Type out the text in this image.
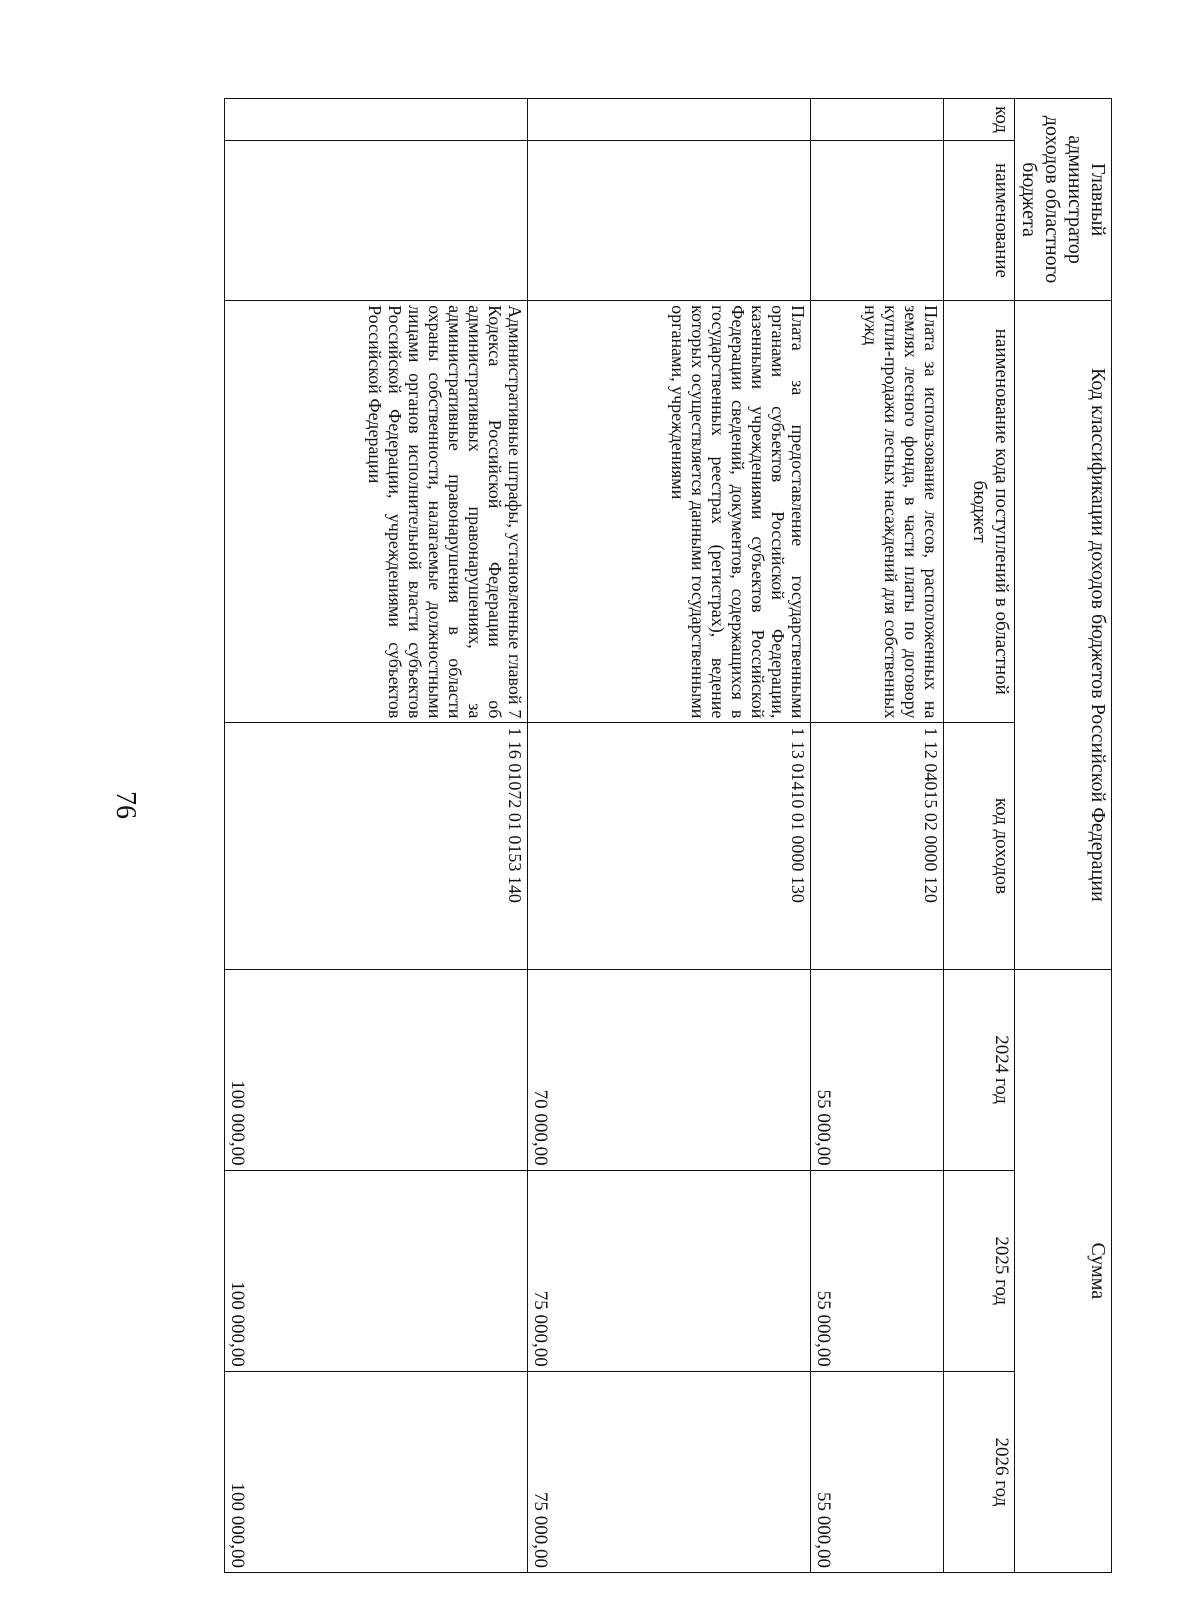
76
Главный администратор доходов областного бюджета		Код классификации доходов бюджетов Российской Федерации		Сумма		
код	наименование	наименование кода поступлений в областной бюджет	код доходов	2024 год	2025 год	2026 год
		Плата за использование лесов, расположенных на землях лесного фонда, в части платы по договору купли-продажи лесных насаждений для собственных нужд	1 12 04015 02 0000 120	55 000,00	55 000,00	55 000,00
		Плата за предоставление государственными органами субъектов Российской Федерации, казенными учреждениями субъектов Российской Федерации сведений, документов, содержащихся в государственных реестрах (регистрах), ведение которых осуществляется данными государственными органами, учреждениями	1 13 01410 01 0000 130	70 000,00	75 000,00	75 000,00
		Административные штрафы, установленные главой 7 Кодекса Российской Федерации об административных правонарушениях, за административные правонарушения в области охраны собственности, налагаемые должностными лицами органов исполнительной власти субъектов Российской Федерации, учреждениями субъектов Российской Федерации	1 16 01072 01 0153 140	100 000,00	100 000,00	100 000,00
